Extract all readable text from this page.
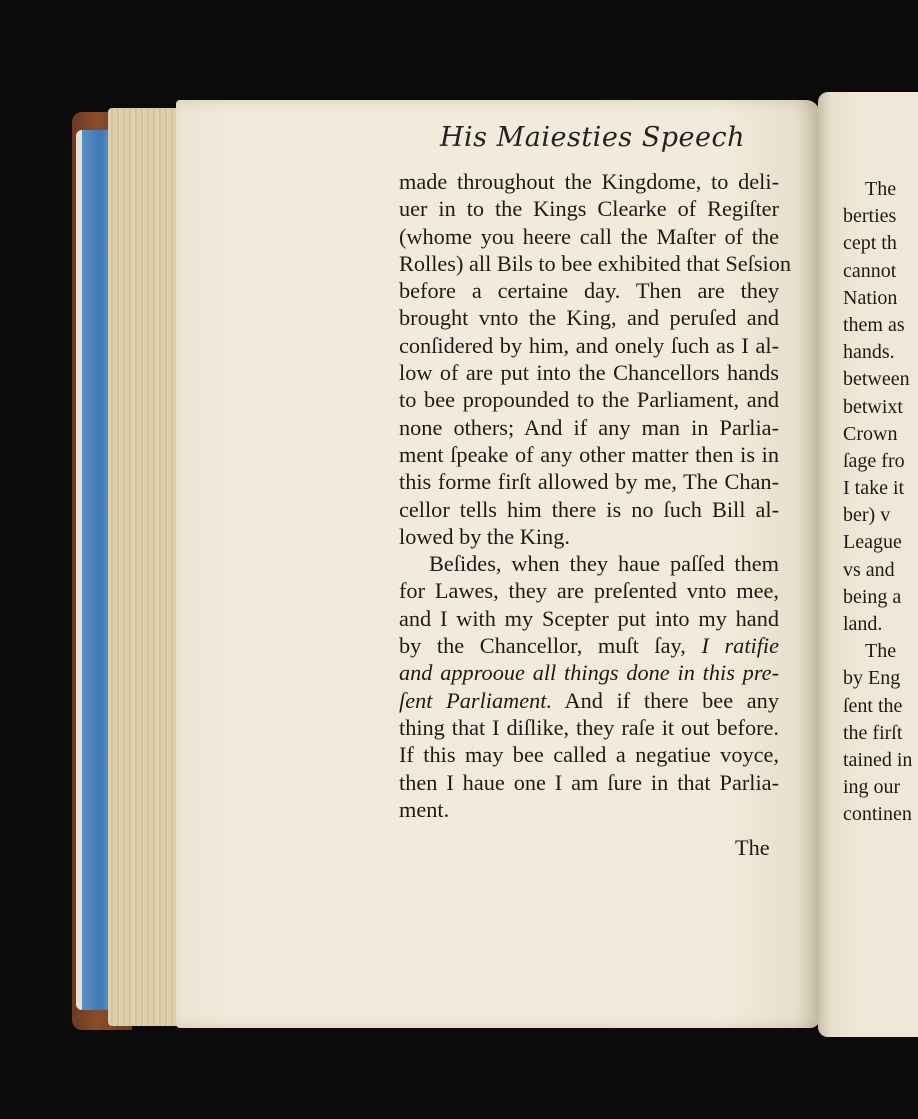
His Maiesties Speech
made throughout the Kingdome, to deli-
uer in to the Kings Clearke of Regiſter
(whome you heere call the Maſter of the
Rolles) all Bils to bee exhibited that Seſsion
before a certaine day. Then are they
brought vnto the King, and peruſed and
conſidered by him, and onely ſuch as I al-
low of are put into the Chancellors hands
to bee propounded to the Parliament, and
none others; And if any man in Parlia-
ment ſpeake of any other matter then is in
this forme firſt allowed by me, The Chan-
cellor tells him there is no ſuch Bill al-
lowed by the King.
Beſides, when they haue paſſed them
for Lawes, they are preſented vnto mee,
and I with my Scepter put into my hand
by the Chancellor, muſt ſay, I ratifie
and approoue all things done in this pre-
ſent Parliament. And if there bee any
thing that I diſlike, they raſe it out before.
If this may bee called a negatiue voyce,
then I haue one I am ſure in that Parlia-
ment.
The
The
berties
cept th
cannot
Nation
them as
hands.
between
betwixt
Crown
ſage fro
I take it
ber) v
League
vs and
being a
land.
The
by Eng
ſent the
the firſt
tained in
ing our
continen
